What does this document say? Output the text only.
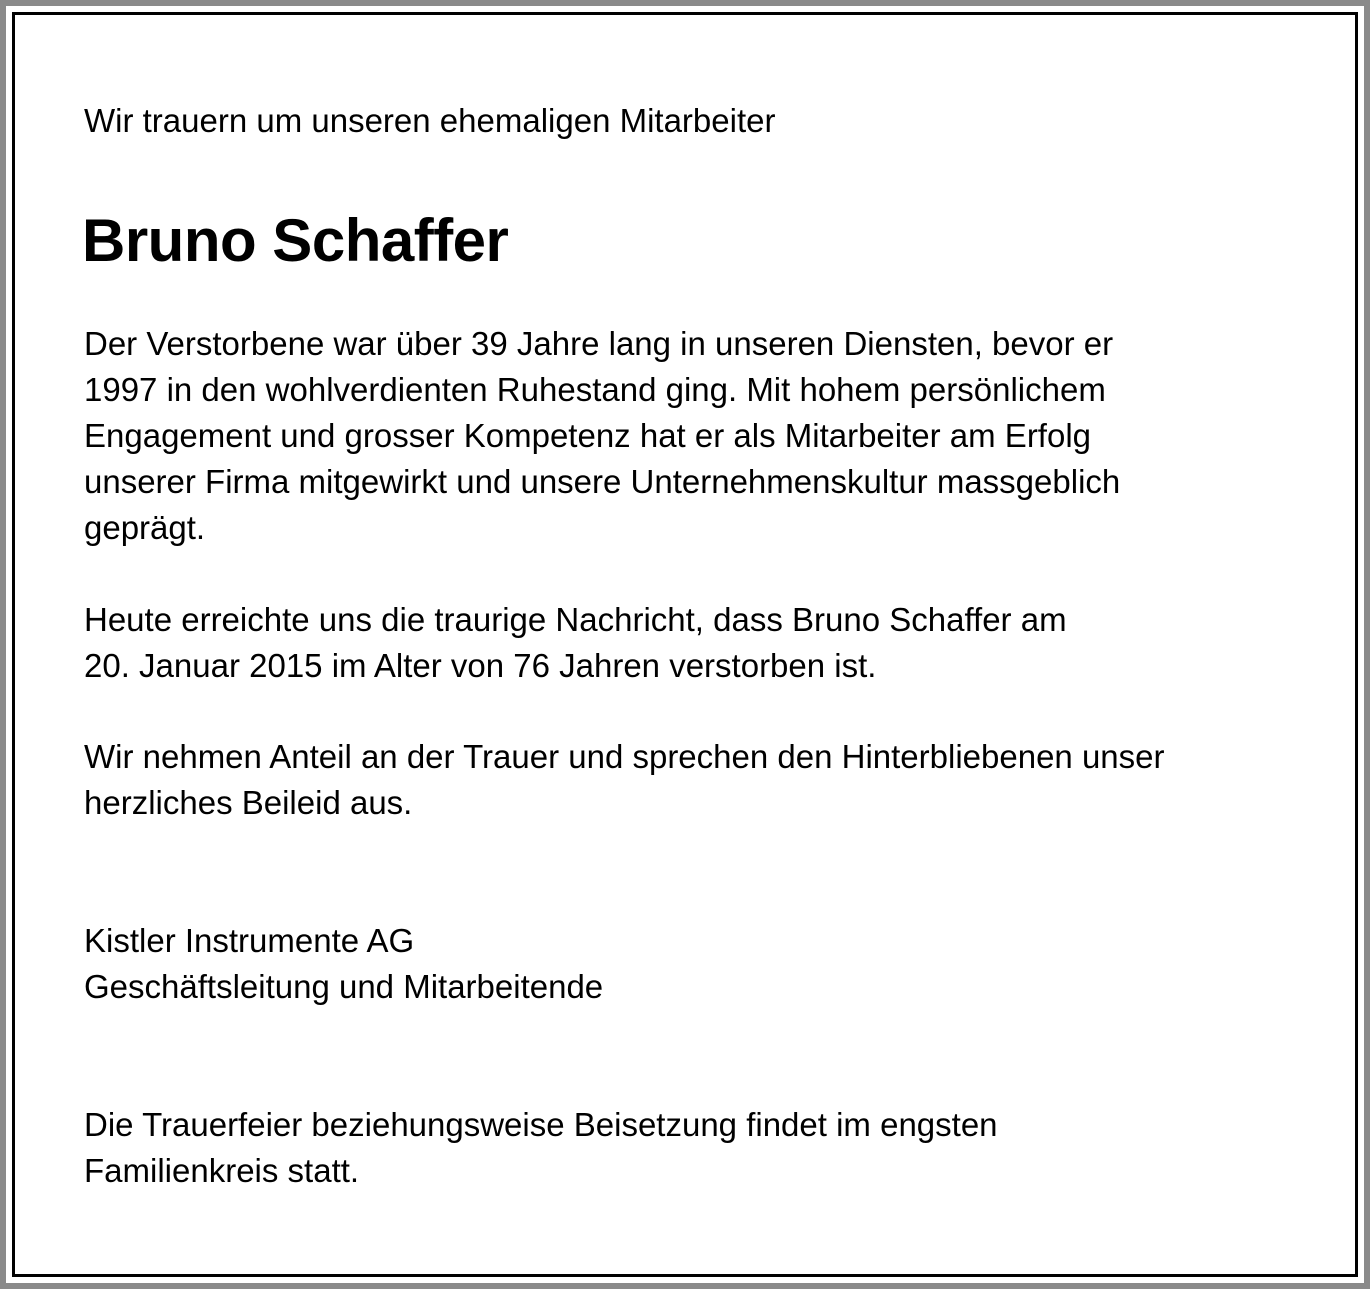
Wir trauern um unseren ehemaligen Mitarbeiter

Bruno Schaffer

Der Verstorbene war über 39 Jahre lang in unseren Diensten, bevor er

1997 in den wohlverdienten Ruhestand ging. Mit hohem persönlichem

Engagement und grosser Kompetenz hat er als Mitarbeiter am Erfolg

unserer Firma mitgewirkt und unsere Unternehmenskultur massgeblich

geprägt.

Heute erreichte uns die traurige Nachricht, dass Bruno Schaffer am

20. Januar 2015 im Alter von 76 Jahren verstorben ist.

Wir nehmen Anteil an der Trauer und sprechen den Hinterbliebenen unser

herzliches Beileid aus.

Kistler Instrumente AG

Geschäftsleitung und Mitarbeitende

Die Trauerfeier beziehungsweise Beisetzung findet im engsten

Familienkreis statt.
